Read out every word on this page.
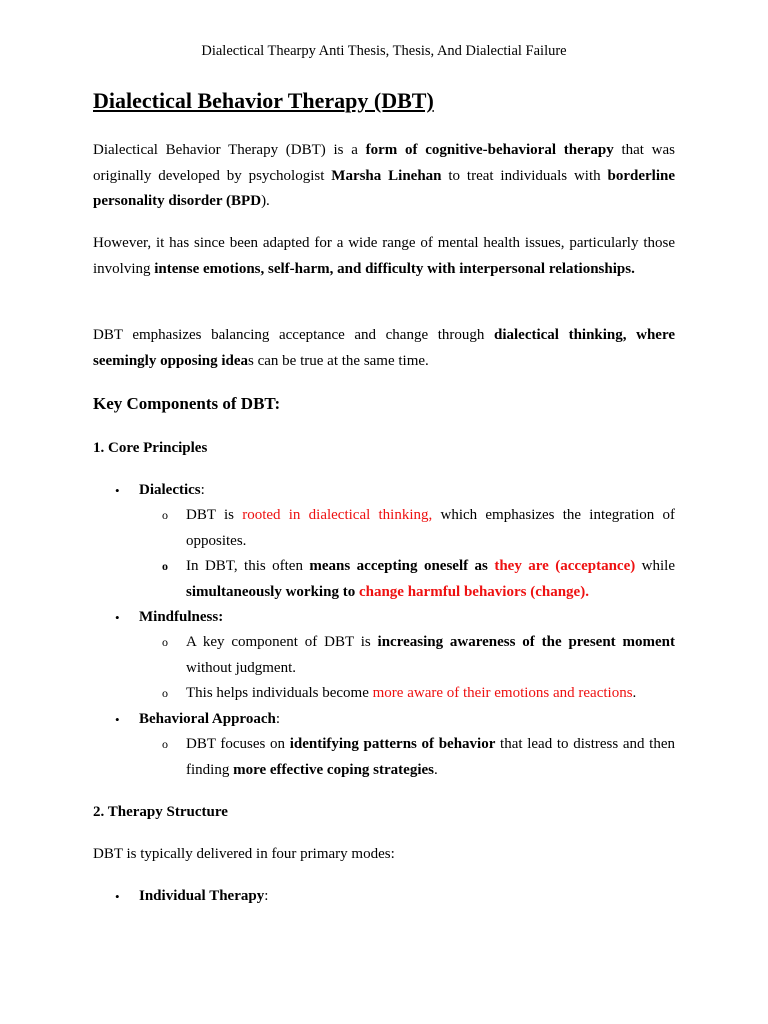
Dialectical Thearpy Anti Thesis, Thesis, And Dialectial Failure
Dialectical Behavior Therapy (DBT)

Dialectical Behavior Therapy (DBT) is a form of cognitive-behavioral therapy that was originally developed by psychologist Marsha Linehan to treat individuals with borderline personality disorder (BPD).

However, it has since been adapted for a wide range of mental health issues, particularly those involving intense emotions, self-harm, and difficulty with interpersonal relationships.

DBT emphasizes balancing acceptance and change through dialectical thinking, where seemingly opposing ideas can be true at the same time.

Key Components of DBT:
1. Core Principles
• Dialectics:
o DBT is rooted in dialectical thinking, which emphasizes the integration of opposites.
o In DBT, this often means accepting oneself as they are (acceptance) while simultaneously working to change harmful behaviors (change).
• Mindfulness:
o A key component of DBT is increasing awareness of the present moment without judgment.
o This helps individuals become more aware of their emotions and reactions.
• Behavioral Approach:
o DBT focuses on identifying patterns of behavior that lead to distress and then finding more effective coping strategies.
2. Therapy Structure

DBT is typically delivered in four primary modes:

• Individual Therapy:
